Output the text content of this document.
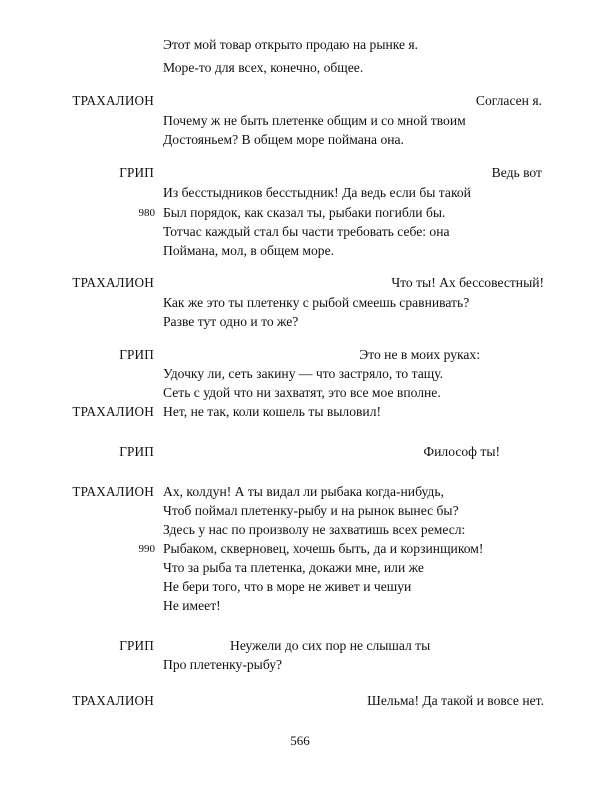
Этот мой товар открыто продаю на рынке я.
Море-то для всех, конечно, общее.
ТРАХАЛИОН	Согласен я.
Почему ж не быть плетенке общим и со мной твоим
Достояньем? В общем море поймана она.
ГРИП	Ведь вот
Из бесстыдников бесстыдник! Да ведь если бы такой
980 Был порядок, как сказал ты, рыбаки погибли бы.
Тотчас каждый стал бы части требовать себе: она
Поймана, мол, в общем море.
ТРАХАЛИОН	Что ты! Ах бессовестный!
Как же это ты плетенку с рыбой смеешь сравнивать?
Разве тут одно и то же?
ГРИП	Это не в моих руках:
Удочку ли, сеть закину — что застряло, то тащу.
Сеть с удой что ни захватят, это все мое вполне.
ТРАХАЛИОН Нет, не так, коли кошель ты выловил!
ГРИП	Философ ты!
ТРАХАЛИОН Ах, колдун! А ты видал ли рыбака когда-нибудь,
Чтоб поймал плетенку-рыбу и на рынок вынес бы?
Здесь у нас по произволу не захватишь всех ремесл:
990 Рыбаком, скверновец, хочешь быть, да и корзинщиком!
Что за рыба та плетенка, докажи мне, или же
Не бери того, что в море не живет и чешуи
Не имеет!
ГРИП	Неужели до сих пор не слышал ты
Про плетенку-рыбу?
ТРАХАЛИОН	Шельма! Да такой и вовсе нет.
566
